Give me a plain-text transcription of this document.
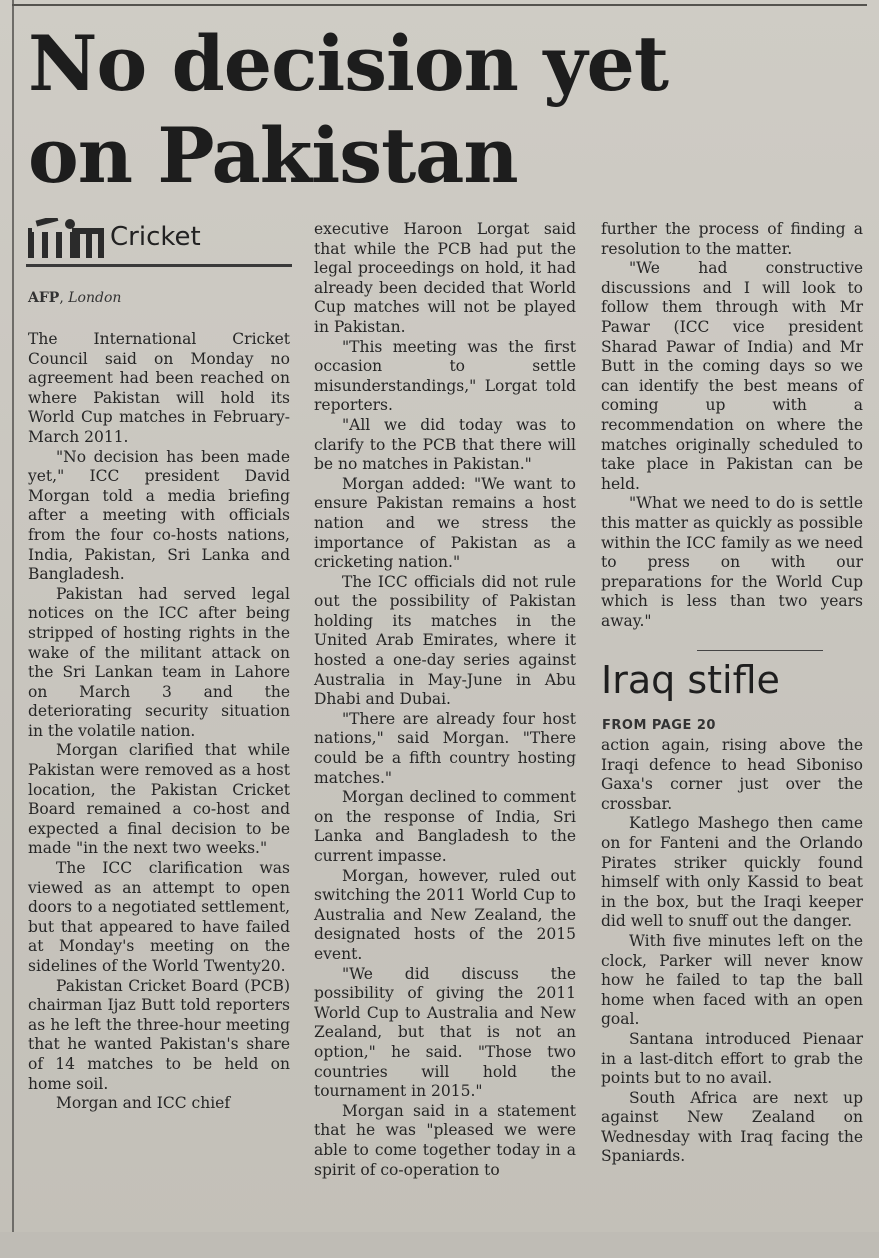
No decision yet on Pakistan
Cricket
AFP, London

The International Cricket Council said on Monday no agreement had been reached on where Pakistan will hold its World Cup matches in February-March 2011.

"No decision has been made yet," ICC president David Morgan told a media briefing after a meeting with officials from the four co-hosts nations, India, Pakistan, Sri Lanka and Bangladesh.

Pakistan had served legal notices on the ICC after being stripped of hosting rights in the wake of the militant attack on the Sri Lankan team in Lahore on March 3 and the deteriorating security situation in the volatile nation.

Morgan clarified that while Pakistan were removed as a host location, the Pakistan Cricket Board remained a co-host and expected a final decision to be made "in the next two weeks."

The ICC clarification was viewed as an attempt to open doors to a negotiated settlement, but that appeared to have failed at Monday's meeting on the sidelines of the World Twenty20.

Pakistan Cricket Board (PCB) chairman Ijaz Butt told reporters as he left the three-hour meeting that he wanted Pakistan's share of 14 matches to be held on home soil.

Morgan and ICC chief

executive Haroon Lorgat said that while the PCB had put the legal proceedings on hold, it had already been decided that World Cup matches will not be played in Pakistan.

"This meeting was the first occasion to settle misunderstandings," Lorgat told reporters.

"All we did today was to clarify to the PCB that there will be no matches in Pakistan."

Morgan added: "We want to ensure Pakistan remains a host nation and we stress the importance of Pakistan as a cricketing nation."

The ICC officials did not rule out the possibility of Pakistan holding its matches in the United Arab Emirates, where it hosted a one-day series against Australia in May-June in Abu Dhabi and Dubai.

"There are already four host nations," said Morgan. "There could be a fifth country hosting matches."

Morgan declined to comment on the response of India, Sri Lanka and Bangladesh to the current impasse.

Morgan, however, ruled out switching the 2011 World Cup to Australia and New Zealand, the designated hosts of the 2015 event.

"We did discuss the possibility of giving the 2011 World Cup to Australia and New Zealand, but that is not an option," he said. "Those two countries will hold the tournament in 2015."

Morgan said in a statement that he was "pleased we were able to come together today in a spirit of co-operation to

further the process of finding a resolution to the matter.

"We had constructive discussions and I will look to follow them through with Mr Pawar (ICC vice president Sharad Pawar of India) and Mr Butt in the coming days so we can identify the best means of coming up with a recommendation on where the matches originally scheduled to take place in Pakistan can be held.

"What we need to do is settle this matter as quickly as possible within the ICC family as we need to press on with our preparations for the World Cup which is less than two years away."

Iraq stifle
FROM PAGE 20

action again, rising above the Iraqi defence to head Siboniso Gaxa's corner just over the crossbar.

Katlego Mashego then came on for Fanteni and the Orlando Pirates striker quickly found himself with only Kassid to beat in the box, but the Iraqi keeper did well to snuff out the danger.

With five minutes left on the clock, Parker will never know how he failed to tap the ball home when faced with an open goal.

Santana introduced Pienaar in a last-ditch effort to grab the points but to no avail.

South Africa are next up against New Zealand on Wednesday with Iraq facing the Spaniards.
